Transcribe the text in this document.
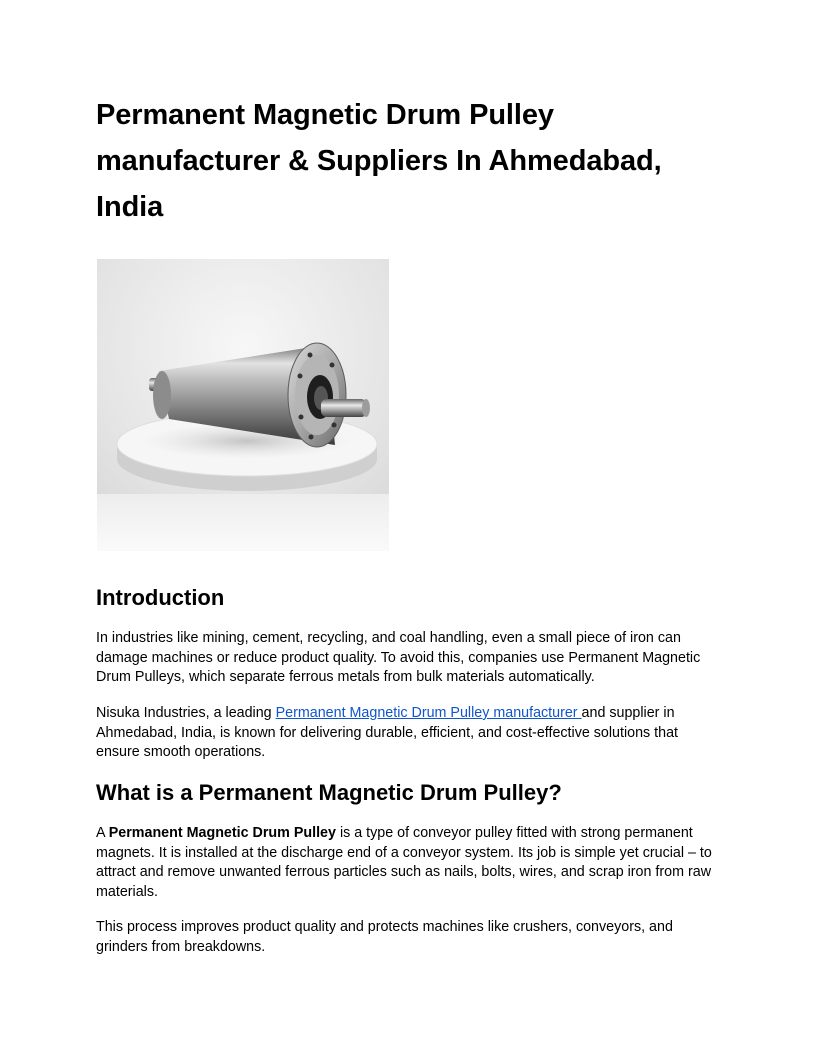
Permanent Magnetic Drum Pulley manufacturer & Suppliers In Ahmedabad, India
Introduction

In industries like mining, cement, recycling, and coal handling, even a small piece of iron can damage machines or reduce product quality. To avoid this, companies use Permanent Magnetic Drum Pulleys, which separate ferrous metals from bulk materials automatically.

Nisuka Industries, a leading Permanent Magnetic Drum Pulley manufacturer and supplier in Ahmedabad, India, is known for delivering durable, efficient, and cost-effective solutions that ensure smooth operations.

What is a Permanent Magnetic Drum Pulley?

A Permanent Magnetic Drum Pulley is a type of conveyor pulley fitted with strong permanent magnets. It is installed at the discharge end of a conveyor system. Its job is simple yet crucial – to attract and remove unwanted ferrous particles such as nails, bolts, wires, and scrap iron from raw materials.

This process improves product quality and protects machines like crushers, conveyors, and grinders from breakdowns.
